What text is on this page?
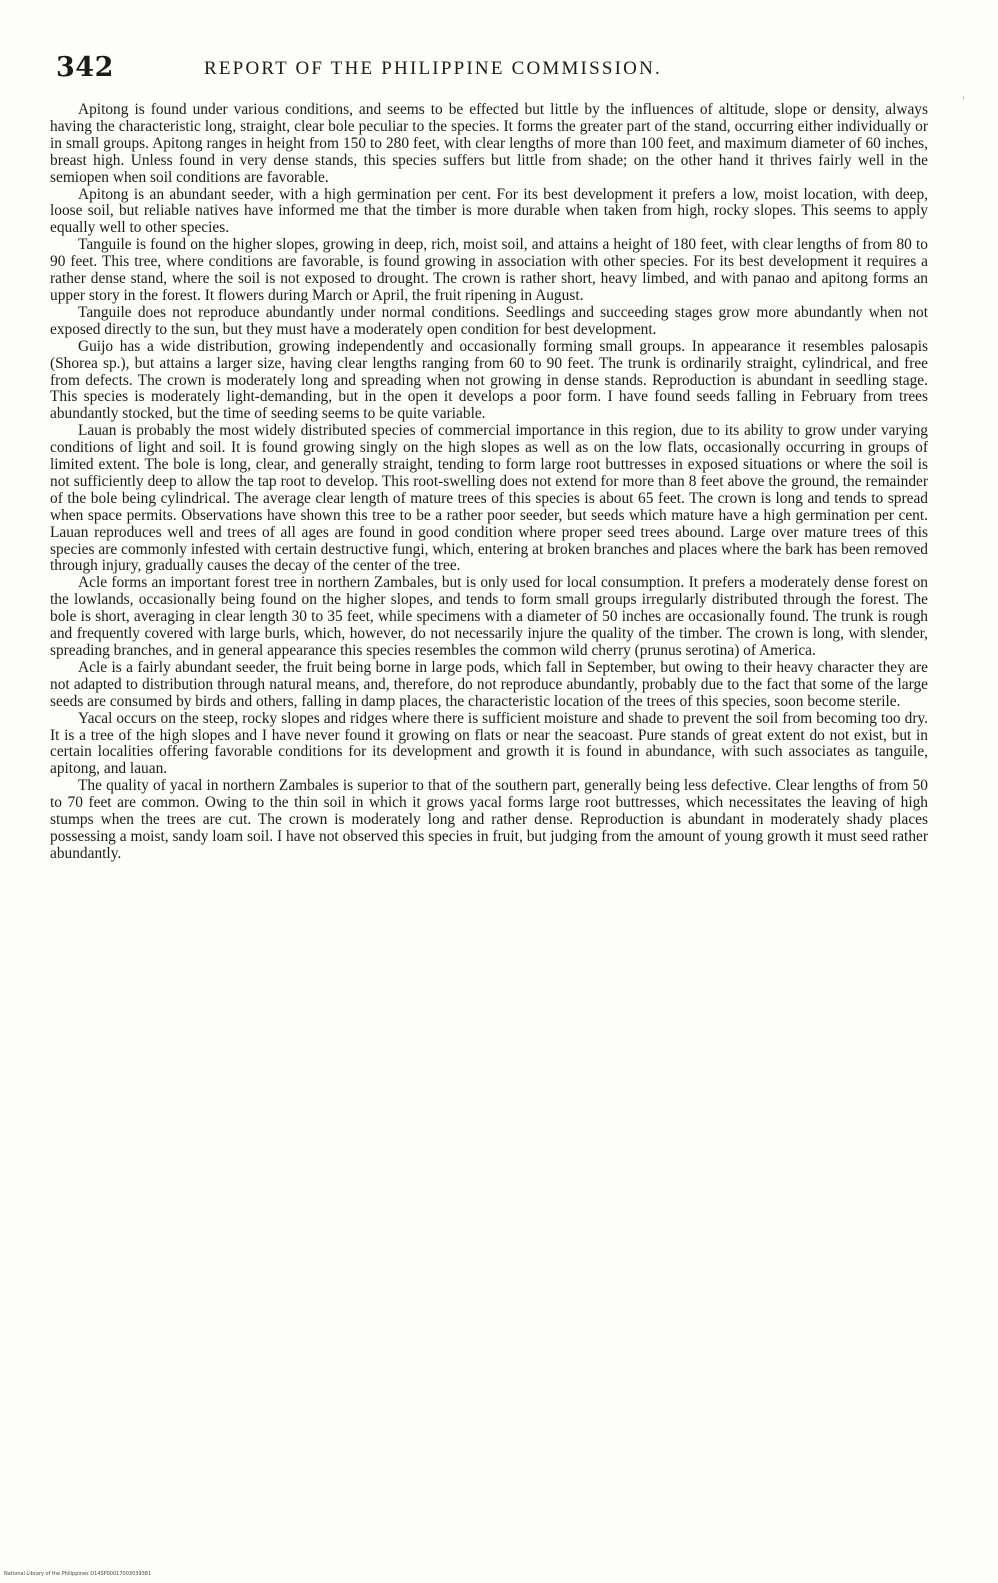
342	REPORT OF THE PHILIPPINE COMMISSION.
'

Apitong is found under various conditions, and seems to be effected but little by the influences of altitude, slope or density, always having the characteristic long, straight, clear bole peculiar to the species. It forms the greater part of the stand, occurring either individually or in small groups. Apitong ranges in height from 150 to 280 feet, with clear lengths of more than 100 feet, and maximum diameter of 60 inches, breast high. Unless found in very dense stands, this species suffers but little from shade; on the other hand it thrives fairly well in the semiopen when soil conditions are favorable.

Apitong is an abundant seeder, with a high germination per cent. For its best development it prefers a low, moist location, with deep, loose soil, but reliable natives have informed me that the timber is more durable when taken from high, rocky slopes. This seems to apply equally well to other species.

Tanguile is found on the higher slopes, growing in deep, rich, moist soil, and attains a height of 180 feet, with clear lengths of from 80 to 90 feet. This tree, where conditions are favorable, is found growing in association with other species. For its best development it requires a rather dense stand, where the soil is not exposed to drought. The crown is rather short, heavy limbed, and with panao and apitong forms an upper story in the forest. It flowers during March or April, the fruit ripening in August.

Tanguile does not reproduce abundantly under normal conditions. Seedlings and succeeding stages grow more abundantly when not exposed directly to the sun, but they must have a moderately open condition for best development.

Guijo has a wide distribution, growing independently and occasionally forming small groups. In appearance it resembles palosapis (Shorea sp.), but attains a larger size, having clear lengths ranging from 60 to 90 feet. The trunk is ordinarily straight, cylindrical, and free from defects. The crown is moderately long and spreading when not growing in dense stands. Reproduction is abundant in seedling stage. This species is moderately light-demanding, but in the open it develops a poor form. I have found seeds falling in February from trees abundantly stocked, but the time of seeding seems to be quite variable.

Lauan is probably the most widely distributed species of commercial importance in this region, due to its ability to grow under varying conditions of light and soil. It is found growing singly on the high slopes as well as on the low flats, occasionally occurring in groups of limited extent. The bole is long, clear, and generally straight, tending to form large root buttresses in exposed situations or where the soil is not sufficiently deep to allow the tap root to develop. This root-swelling does not extend for more than 8 feet above the ground, the remainder of the bole being cylindrical. The average clear length of mature trees of this species is about 65 feet. The crown is long and tends to spread when space permits. Observations have shown this tree to be a rather poor seeder, but seeds which mature have a high germination per cent. Lauan reproduces well and trees of all ages are found in good condition where proper seed trees abound. Large over mature trees of this species are commonly infested with certain destructive fungi, which, entering at broken branches and places where the bark has been removed through injury, gradually causes the decay of the center of the tree.

Acle forms an important forest tree in northern Zambales, but is only used for local consumption. It prefers a moderately dense forest on the lowlands, occasionally being found on the higher slopes, and tends to form small groups irregularly distributed through the forest. The bole is short, averaging in clear length 30 to 35 feet, while specimens with a diameter of 50 inches are occasionally found. The trunk is rough and frequently covered with large burls, which, however, do not necessarily injure the quality of the timber. The crown is long, with slender, spreading branches, and in general appearance this species resembles the common wild cherry (prunus serotina) of America.

Acle is a fairly abundant seeder, the fruit being borne in large pods, which fall in September, but owing to their heavy character they are not adapted to distribution through natural means, and, therefore, do not reproduce abundantly, probably due to the fact that some of the large seeds are consumed by birds and others, falling in damp places, the characteristic location of the trees of this species, soon become sterile.

Yacal occurs on the steep, rocky slopes and ridges where there is sufficient moisture and shade to prevent the soil from becoming too dry. It is a tree of the high slopes and I have never found it growing on flats or near the seacoast. Pure stands of great extent do not exist, but in certain localities offering favorable conditions for its development and growth it is found in abundance, with such associates as tanguile, apitong, and lauan.

The quality of yacal in northern Zambales is superior to that of the southern part, generally being less defective. Clear lengths of from 50 to 70 feet are common. Owing to the thin soil in which it grows yacal forms large root buttresses, which necessitates the leaving of high stumps when the trees are cut. The crown is moderately long and rather dense. Reproduction is abundant in moderately shady places possessing a moist, sandy loam soil. I have not observed this species in fruit, but judging from the amount of young growth it must seed rather abundantly.

National Library of the Philippines D14SP00017003039381
